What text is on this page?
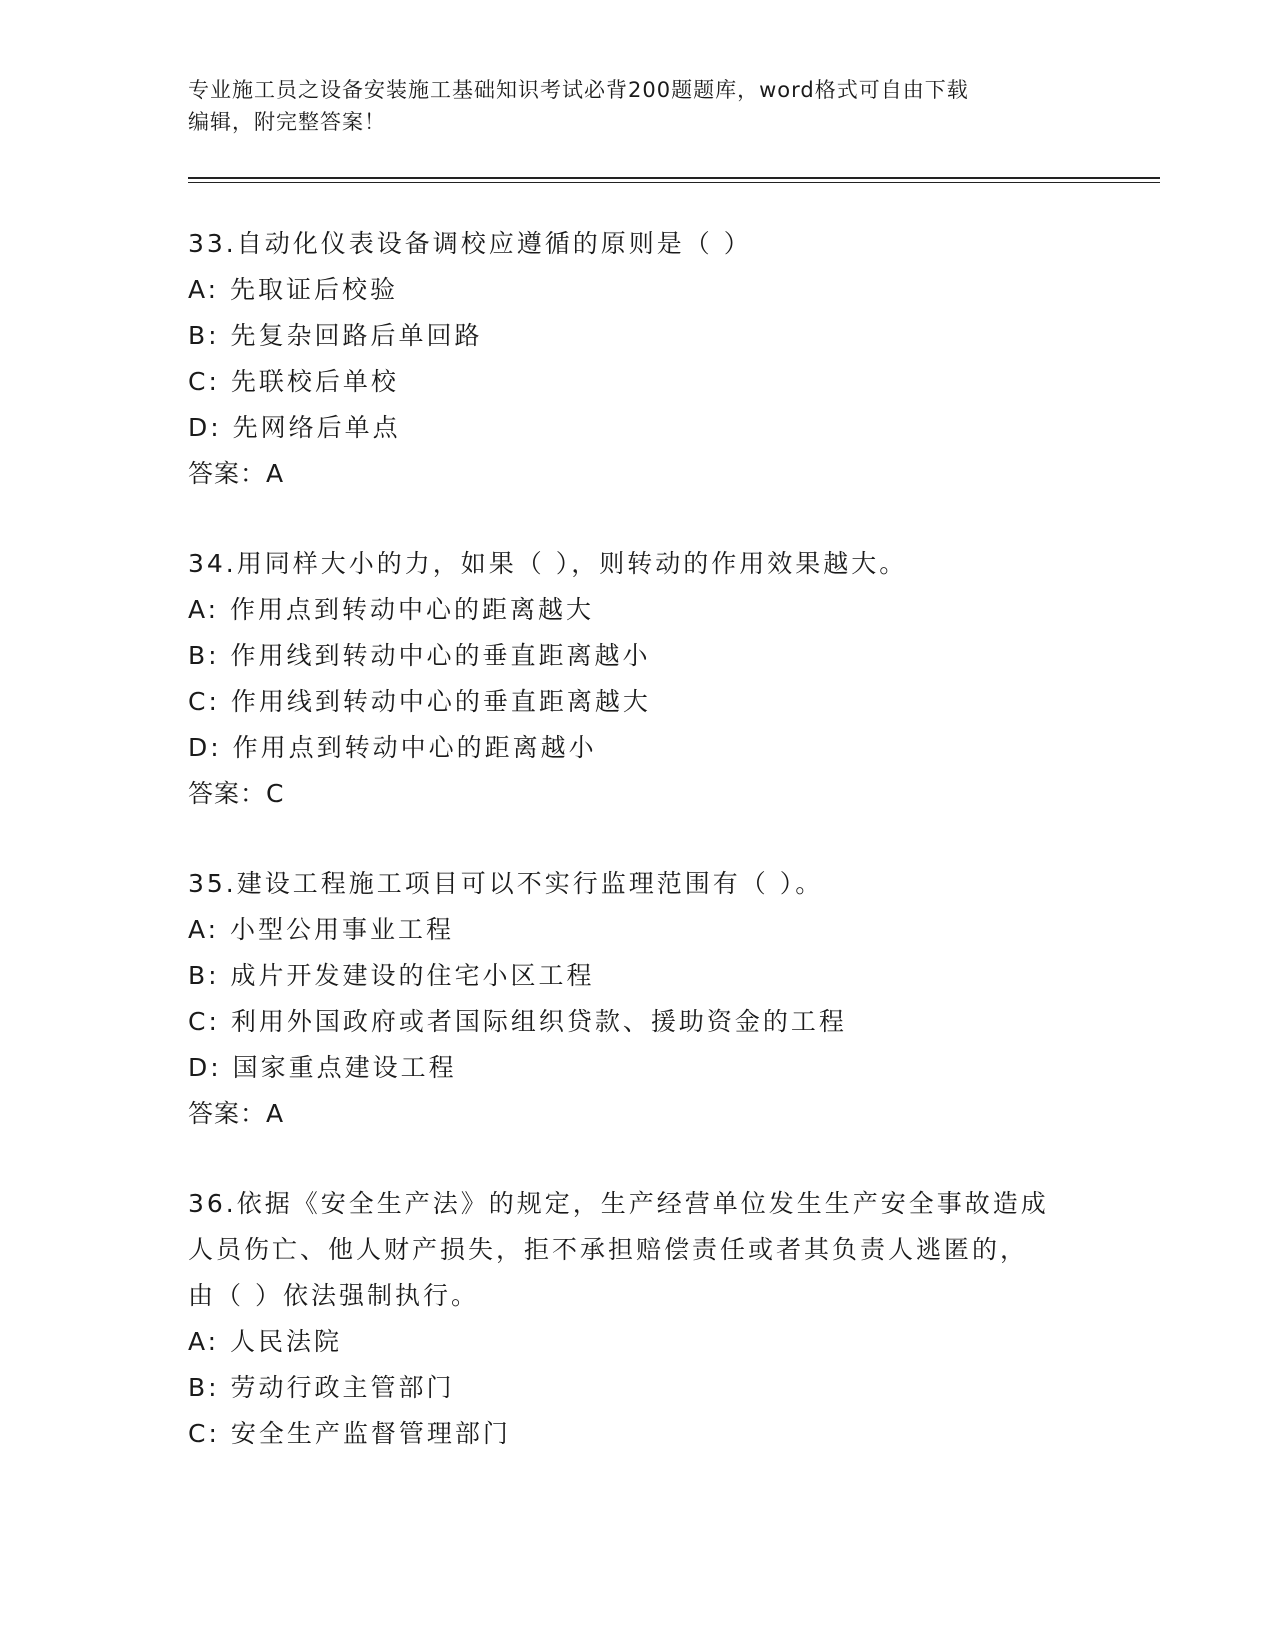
专业施工员之设备安装施工基础知识考试必背200题题库，word格式可自由下载
编辑，附完整答案！
33.自动化仪表设备调校应遵循的原则是（ ）
A: 先取证后校验
B: 先复杂回路后单回路
C: 先联校后单校
D: 先网络后单点
答案：A
34.用同样大小的力，如果（ ），则转动的作用效果越大。
A: 作用点到转动中心的距离越大
B: 作用线到转动中心的垂直距离越小
C: 作用线到转动中心的垂直距离越大
D: 作用点到转动中心的距离越小
答案：C
35.建设工程施工项目可以不实行监理范围有（ ）。
A: 小型公用事业工程
B: 成片开发建设的住宅小区工程
C: 利用外国政府或者国际组织贷款、援助资金的工程
D: 国家重点建设工程
答案：A
36.依据《安全生产法》的规定，生产经营单位发生生产安全事故造成
人员伤亡、他人财产损失，拒不承担赔偿责任或者其负责人逃匿的，
由（ ）依法强制执行。
A: 人民法院
B: 劳动行政主管部门
C: 安全生产监督管理部门
